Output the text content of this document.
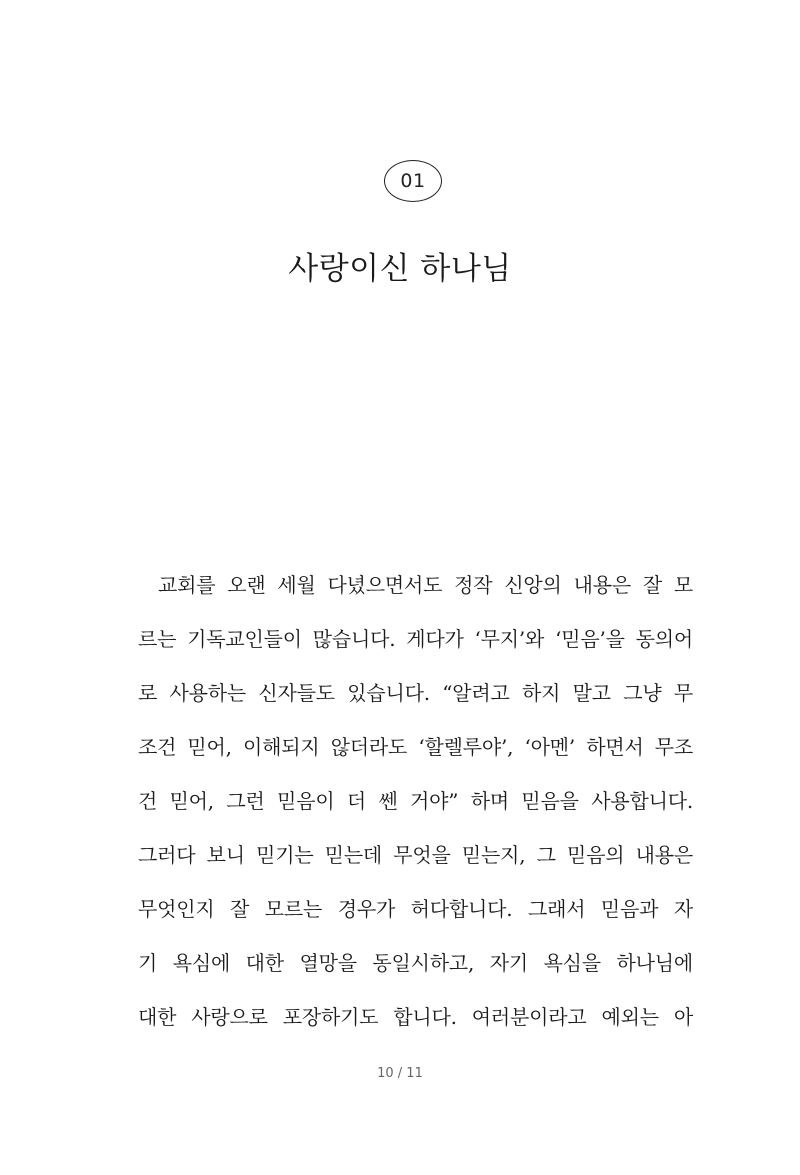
01
사랑이신 하나님
교회를 오랜 세월 다녔으면서도 정작 신앙의 내용은 잘 모
르는 기독교인들이 많습니다. 게다가 ‘무지’와 ‘믿음’을 동의어
로 사용하는 신자들도 있습니다. “알려고 하지 말고 그냥 무
조건 믿어, 이해되지 않더라도 ‘할렐루야’, ‘아멘’ 하면서 무조
건 믿어, 그런 믿음이 더 쎈 거야” 하며 믿음을 사용합니다.
그러다 보니 믿기는 믿는데 무엇을 믿는지, 그 믿음의 내용은
무엇인지 잘 모르는 경우가 허다합니다. 그래서 믿음과 자
기 욕심에 대한 열망을 동일시하고, 자기 욕심을 하나님에
대한 사랑으로 포장하기도 합니다. 여러분이라고 예외는 아
10 / 11
